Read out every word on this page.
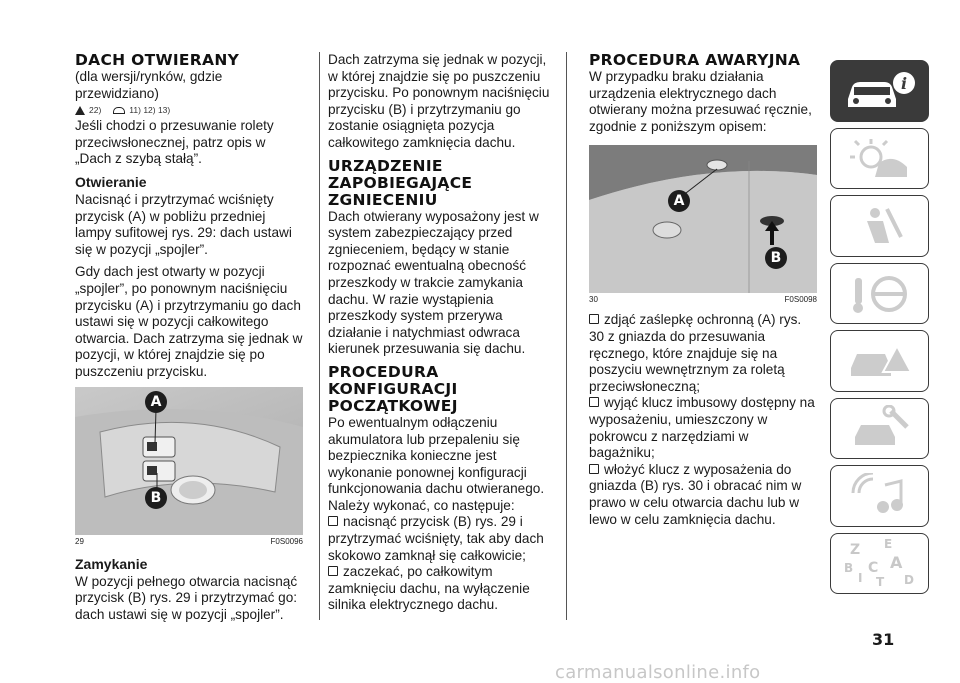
DACH OTWIERANY

(dla wersji/rynków, gdzie przewidziano)

22)	11) 12) 13)

Jeśli chodzi o przesuwanie rolety przeciwsłonecznej, patrz opis w „Dach z szybą stałą”.

Otwieranie

Nacisnąć i przytrzymać wciśnięty przycisk (A) w pobliżu przedniej lampy sufitowej rys. 29: dach ustawi się w pozycji „spojler”.

Gdy dach jest otwarty w pozycji „spojler”, po ponownym naciśnięciu przycisku (A) i przytrzymaniu go dach ustawi się w pozycji całkowitego otwarcia. Dach zatrzyma się jednak w pozycji, w której znajdzie się po puszczeniu przycisku.

A
B
29	F0S0096
Zamykanie

W pozycji pełnego otwarcia nacisnąć przycisk (B) rys. 29 i przytrzymać go: dach ustawi się w pozycji „spojler”.

Dach zatrzyma się jednak w pozycji, w której znajdzie się po puszczeniu przycisku. Po ponownym naciśnięciu przycisku (B) i przytrzymaniu go zostanie osiągnięta pozycja całkowitego zamknięcia dachu.

URZĄDZENIE
ZAPOBIEGAJĄCE
ZGNIECENIU

Dach otwierany wyposażony jest w system zabezpieczający przed zgnieceniem, będący w stanie rozpoznać ewentualną obecność przeszkody w trakcie zamykania dachu. W razie wystąpienia przeszkody system przerywa działanie i natychmiast odwraca kierunek przesuwania się dachu.

PROCEDURA
KONFIGURACJI
POCZĄTKOWEJ

Po ewentualnym odłączeniu akumulatora lub przepaleniu się bezpiecznika konieczne jest wykonanie ponownej konfiguracji funkcjonowania dachu otwieranego. Należy wykonać, co następuje:

nacisnąć przycisk (B) rys. 29 i przytrzymać wciśnięty, tak aby dach skokowo zamknął się całkowicie;

zaczekać, po całkowitym zamknięciu dachu, na wyłączenie silnika elektrycznego dachu.

PROCEDURA AWARYJNA

W przypadku braku działania urządzenia elektrycznego dach otwierany można przesuwać ręcznie, zgodnie z poniższym opisem:

A
B
30	F0S0098

zdjąć zaślepkę ochronną (A) rys. 30 z gniazda do przesuwania ręcznego, które znajduje się na poszyciu wewnętrznym za roletą przeciwsłoneczną;

wyjąć klucz imbusowy dostępny na wyposażeniu, umieszczony w pokrowcu z narzędziami w bagażniku;

włożyć klucz z wyposażenia do gniazda (B) rys. 30 i obracać nim w prawo w celu otwarcia dachu lub w lewo w celu zamknięcia dachu.

i
Z E
A
B
I
C
T D
31
carmanualsonline.info
